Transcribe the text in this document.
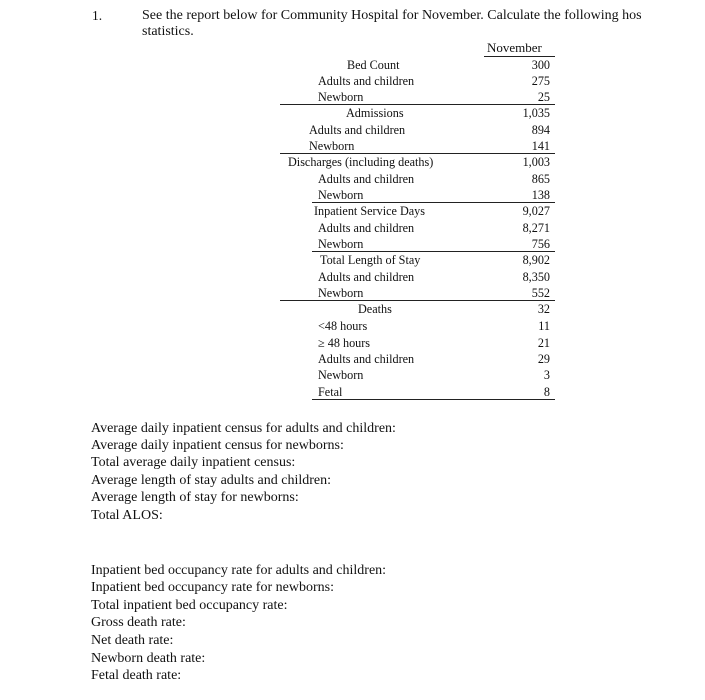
1.	See the report below for Community Hospital for November. Calculate the following hos
statistics.
November
Bed Count	300
Adults and children	275
Newborn	25
Admissions	1,035
Adults and children	894
Newborn	141
Discharges (including deaths)	1,003
Adults and children	865
Newborn	138
Inpatient Service Days	9,027
Adults and children	8,271
Newborn	756
Total Length of Stay	8,902
Adults and children	8,350
Newborn	552
Deaths	32
<48 hours	11
≥ 48 hours	21
Adults and children	29
Newborn	3
Fetal	8
Average daily inpatient census for adults and children:
Average daily inpatient census for newborns:
Total average daily inpatient census:
Average length of stay adults and children:
Average length of stay for newborns:
Total ALOS:
Inpatient bed occupancy rate for adults and children:
Inpatient bed occupancy rate for newborns:
Total inpatient bed occupancy rate:
Gross death rate:
Net death rate:
Newborn death rate:
Fetal death rate:
